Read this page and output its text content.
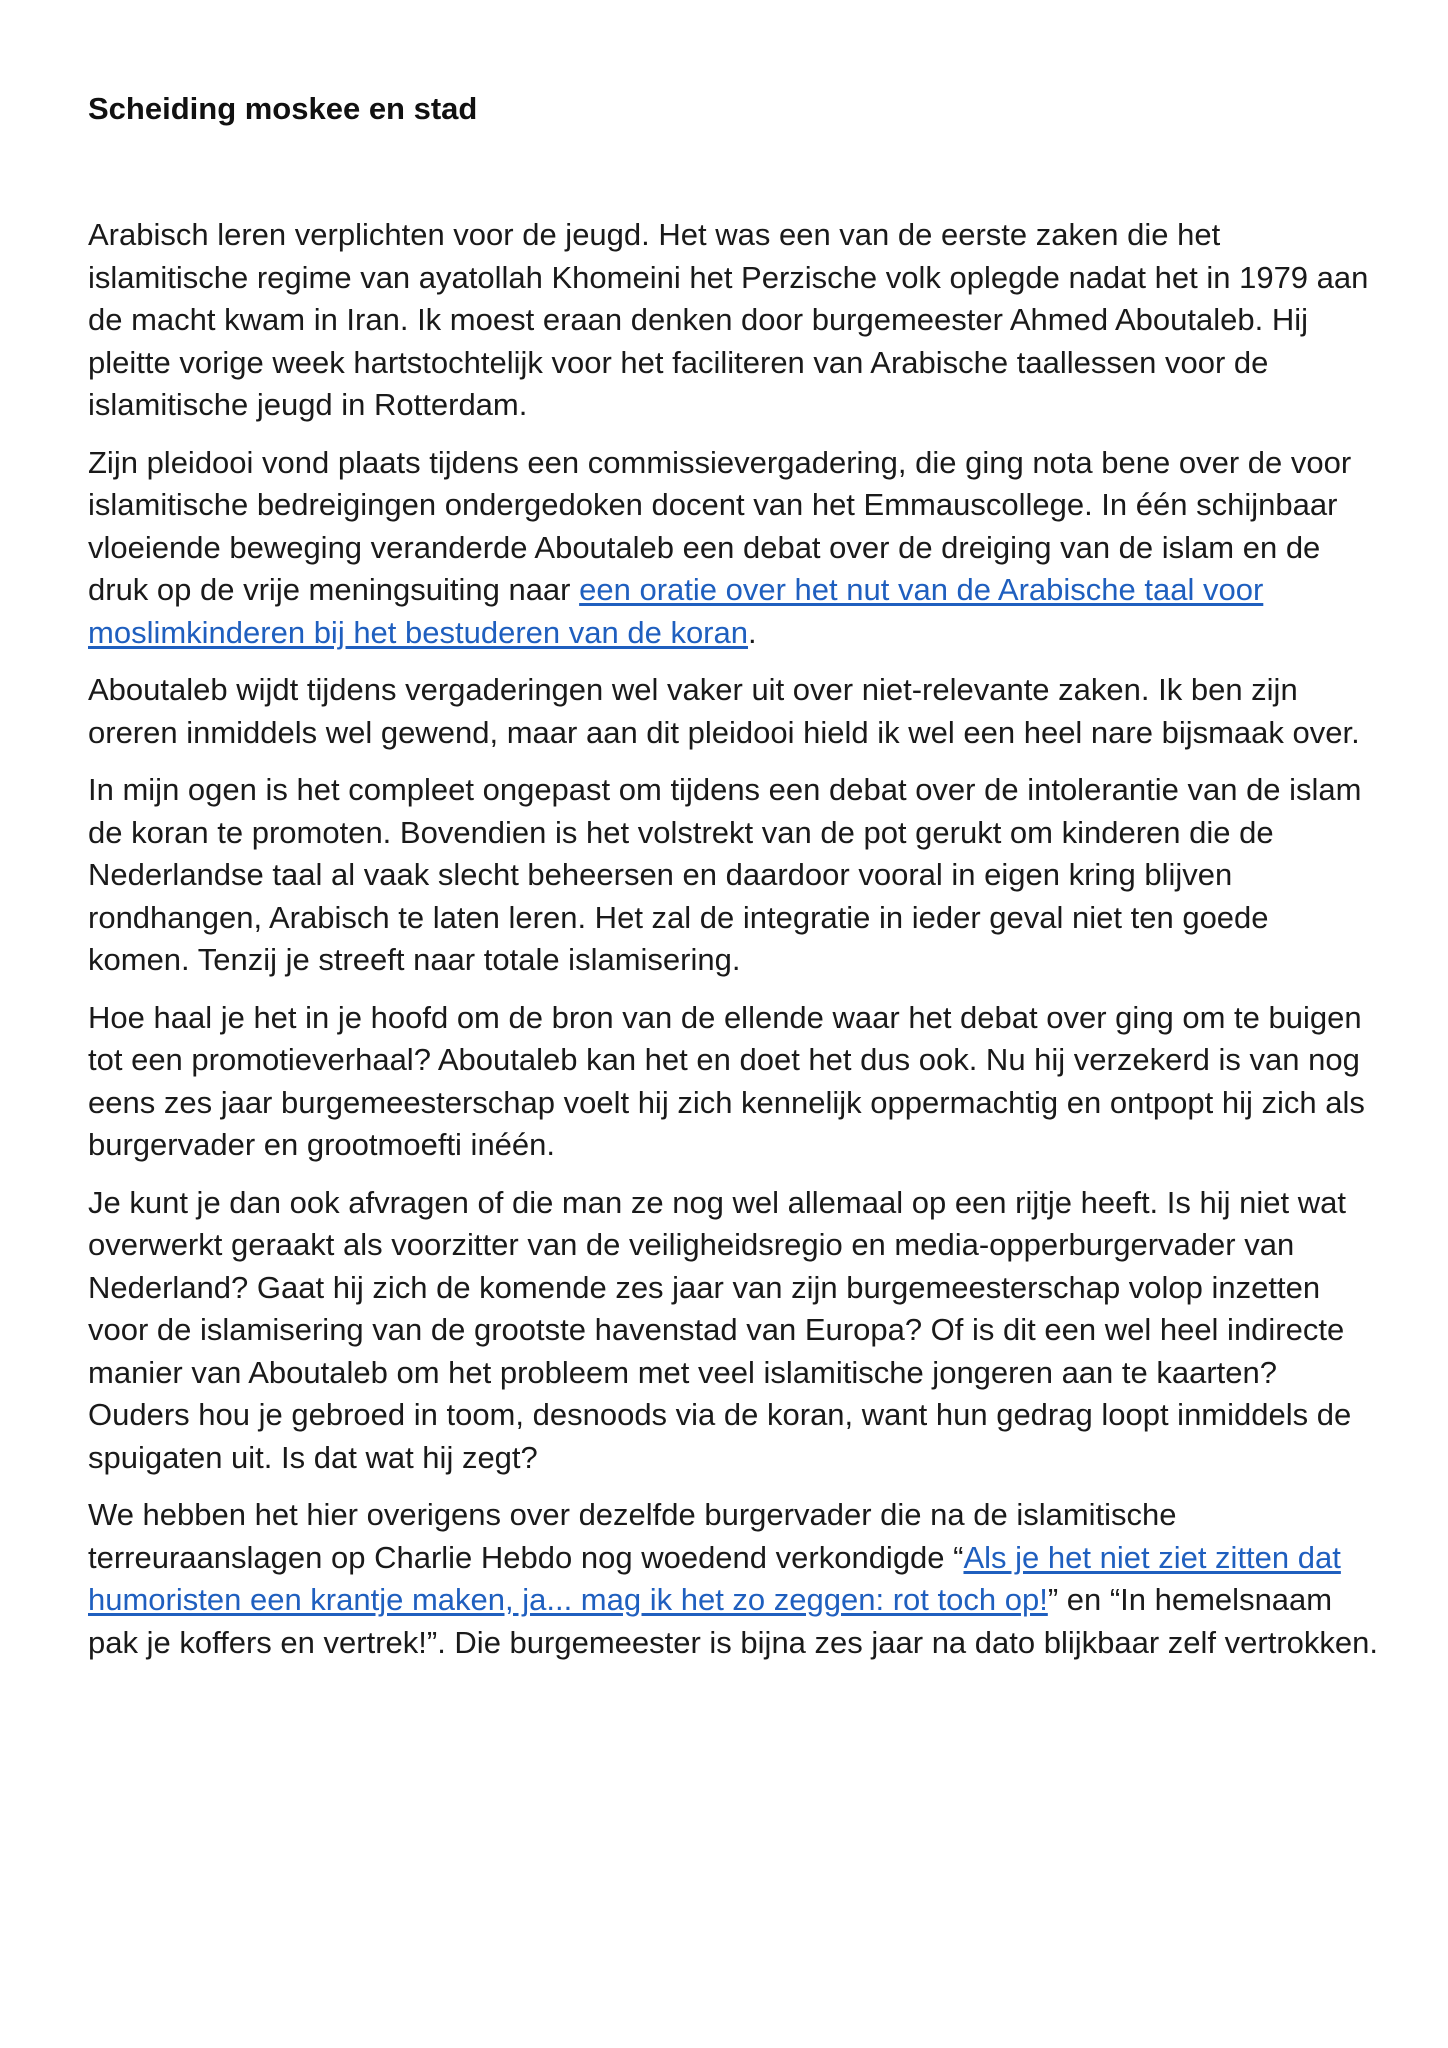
Scheiding moskee en stad

Arabisch leren verplichten voor de jeugd. Het was een van de eerste zaken die het islamitische regime van ayatollah Khomeini het Perzische volk oplegde nadat het in 1979 aan de macht kwam in Iran. Ik moest eraan denken door burgemeester Ahmed Aboutaleb. Hij pleitte vorige week hartstochtelijk voor het faciliteren van Arabische taallessen voor de islamitische jeugd in Rotterdam.

Zijn pleidooi vond plaats tijdens een commissievergadering, die ging nota bene over de voor islamitische bedreigingen ondergedoken docent van het Emmauscollege. In één schijnbaar vloeiende beweging veranderde Aboutaleb een debat over de dreiging van de islam en de druk op de vrije meningsuiting naar een oratie over het nut van de Arabische taal voor moslimkinderen bij het bestuderen van de koran.

Aboutaleb wijdt tijdens vergaderingen wel vaker uit over niet-relevante zaken. Ik ben zijn oreren inmiddels wel gewend, maar aan dit pleidooi hield ik wel een heel nare bijsmaak over.

In mijn ogen is het compleet ongepast om tijdens een debat over de intolerantie van de islam de koran te promoten. Bovendien is het volstrekt van de pot gerukt om kinderen die de Nederlandse taal al vaak slecht beheersen en daardoor vooral in eigen kring blijven rondhangen, Arabisch te laten leren. Het zal de integratie in ieder geval niet ten goede komen. Tenzij je streeft naar totale islamisering.

Hoe haal je het in je hoofd om de bron van de ellende waar het debat over ging om te buigen tot een promotieverhaal? Aboutaleb kan het en doet het dus ook. Nu hij verzekerd is van nog eens zes jaar burgemeesterschap voelt hij zich kennelijk oppermachtig en ontpopt hij zich als burgervader en grootmoefti inéén.

Je kunt je dan ook afvragen of die man ze nog wel allemaal op een rijtje heeft. Is hij niet wat overwerkt geraakt als voorzitter van de veiligheidsregio en media-opperburgervader van Nederland? Gaat hij zich de komende zes jaar van zijn burgemeesterschap volop inzetten voor de islamisering van de grootste havenstad van Europa? Of is dit een wel heel indirecte manier van Aboutaleb om het probleem met veel islamitische jongeren aan te kaarten? Ouders hou je gebroed in toom, desnoods via de koran, want hun gedrag loopt inmiddels de spuigaten uit. Is dat wat hij zegt?

We hebben het hier overigens over dezelfde burgervader die na de islamitische terreuraanslagen op Charlie Hebdo nog woedend verkondigde “Als je het niet ziet zitten dat humoristen een krantje maken, ja... mag ik het zo zeggen: rot toch op!” en “In hemelsnaam pak je koffers en vertrek!”. Die burgemeester is bijna zes jaar na dato blijkbaar zelf vertrokken.
